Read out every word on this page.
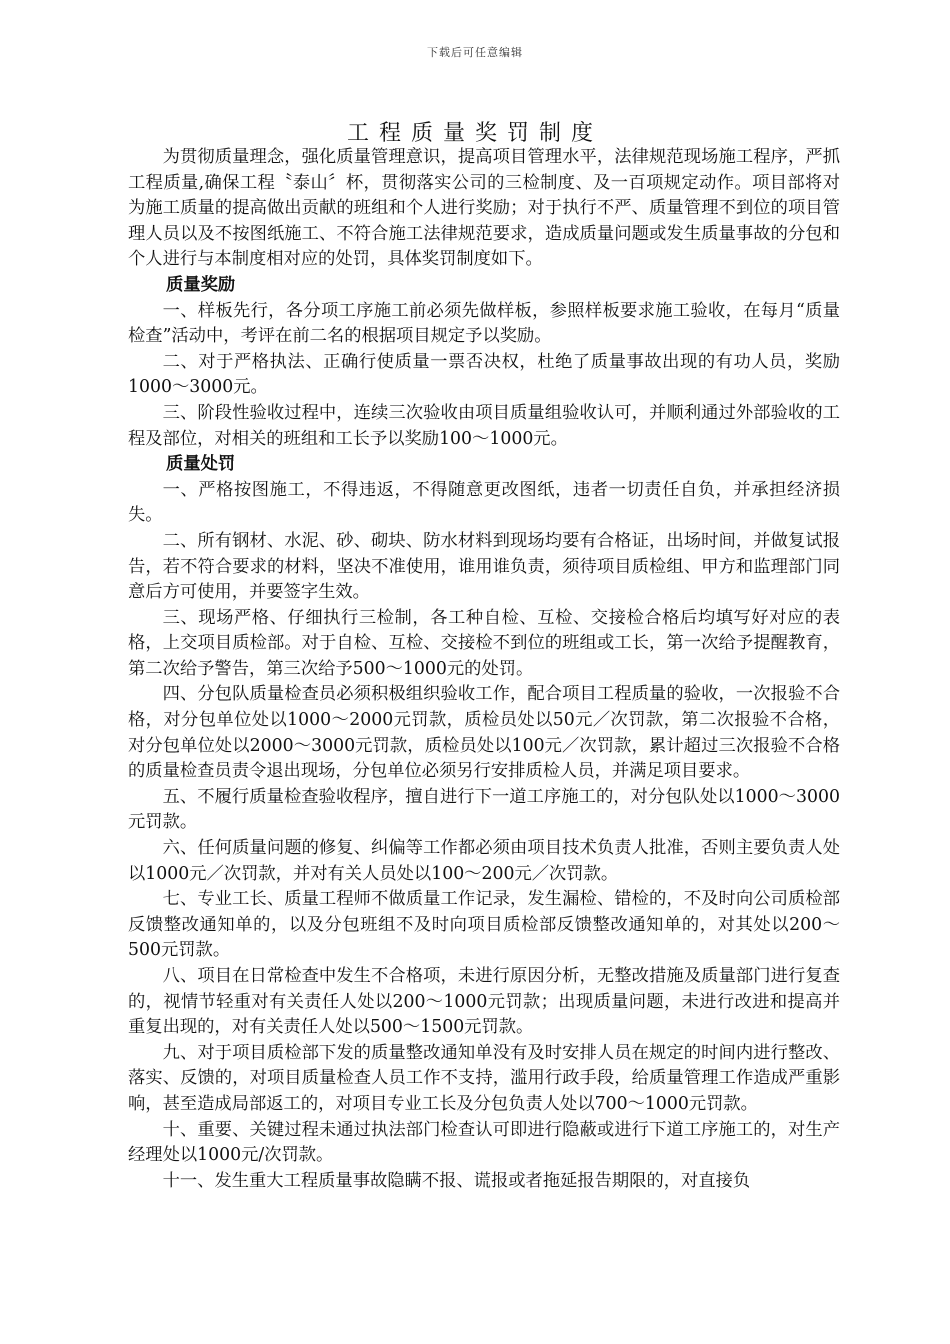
下载后可任意编辑
工程质量奖罚制度

为贯彻质量理念，强化质量管理意识，提高项目管理水平，法律规范现场施工程序，严抓工程质量,确保工程〝泰山〞杯，贯彻落实公司的三检制度、及一百项规定动作。项目部将对为施工质量的提高做出贡献的班组和个人进行奖励；对于执行不严、质量管理不到位的项目管理人员以及不按图纸施工、不符合施工法律规范要求，造成质量问题或发生质量事故的分包和个人进行与本制度相对应的处罚，具体奖罚制度如下。

质量奖励

一、样板先行，各分项工序施工前必须先做样板，参照样板要求施工验收，在每月“质量检查”活动中，考评在前二名的根据项目规定予以奖励。

二、对于严格执法、正确行使质量一票否决权，杜绝了质量事故出现的有功人员，奖励1000～3000元。

三、阶段性验收过程中，连续三次验收由项目质量组验收认可，并顺利通过外部验收的工程及部位，对相关的班组和工长予以奖励100～1000元。

质量处罚

一、严格按图施工，不得违返，不得随意更改图纸，违者一切责任自负，并承担经济损失。

二、所有钢材、水泥、砂、砌块、防水材料到现场均要有合格证，出场时间，并做复试报告，若不符合要求的材料，坚决不准使用，谁用谁负责，须待项目质检组、甲方和监理部门同意后方可使用，并要签字生效。

三、现场严格、仔细执行三检制，各工种自检、互检、交接检合格后均填写好对应的表格，上交项目质检部。对于自检、互检、交接检不到位的班组或工长，第一次给予提醒教育，第二次给予警告，第三次给予500～1000元的处罚。

四、分包队质量检查员必须积极组织验收工作，配合项目工程质量的验收，一次报验不合格，对分包单位处以1000～2000元罚款，质检员处以50元／次罚款，第二次报验不合格，对分包单位处以2000～3000元罚款，质检员处以100元／次罚款，累计超过三次报验不合格的质量检查员责令退出现场，分包单位必须另行安排质检人员，并满足项目要求。

五、不履行质量检查验收程序，擅自进行下一道工序施工的，对分包队处以1000～3000元罚款。

六、任何质量问题的修复、纠偏等工作都必须由项目技术负责人批准，否则主要负责人处以1000元／次罚款，并对有关人员处以100～200元／次罚款。

七、专业工长、质量工程师不做质量工作记录，发生漏检、错检的，不及时向公司质检部反馈整改通知单的，以及分包班组不及时向项目质检部反馈整改通知单的，对其处以200～500元罚款。

八、项目在日常检查中发生不合格项，未进行原因分析，无整改措施及质量部门进行复查的，视情节轻重对有关责任人处以200～1000元罚款；出现质量问题，未进行改进和提高并重复出现的，对有关责任人处以500～1500元罚款。

九、对于项目质检部下发的质量整改通知单没有及时安排人员在规定的时间内进行整改、落实、反馈的，对项目质量检查人员工作不支持，滥用行政手段，给质量管理工作造成严重影响，甚至造成局部返工的，对项目专业工长及分包负责人处以700～1000元罚款。

十、重要、关键过程未通过执法部门检查认可即进行隐蔽或进行下道工序施工的，对生产经理处以1000元/次罚款。

十一、发生重大工程质量事故隐瞒不报、谎报或者拖延报告期限的，对直接负
